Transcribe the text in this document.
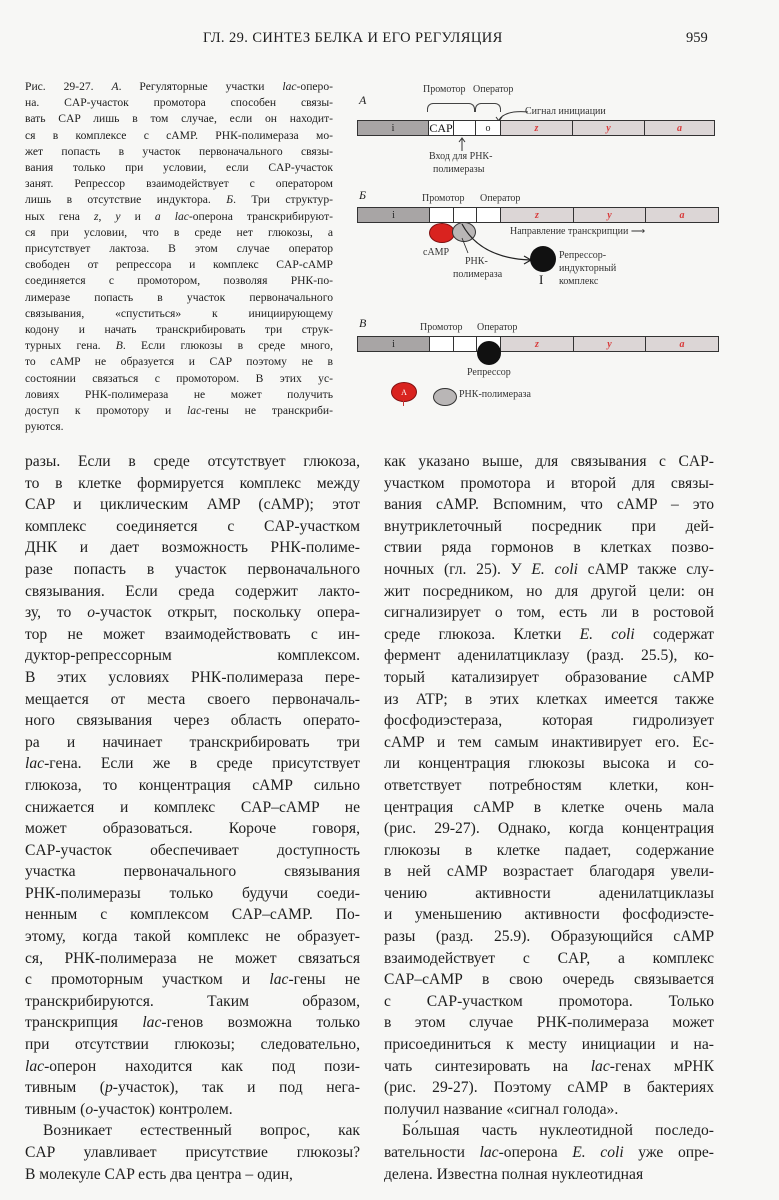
ГЛ. 29. СИНТЕЗ БЕЛКА И ЕГО РЕГУЛЯЦИЯ	959
Рис. 29-27. А. Регуляторные участки lac-оперо-
на. CAP-участок промотора способен связы-
вать CAP лишь в том случае, если он находит-
ся в комплексе с cAMP. РНК-полимераза мо-
жет попасть в участок первоначального связы-
вания только при условии, если CAP-участок
занят. Репрессор взаимодействует с оператором
лишь в отсутствие индуктора. Б. Три структур-
ных гена z, y и a lac-оперона транскрибируют-
ся при условии, что в среде нет глюкозы, а
присутствует лактоза. В этом случае оператор
свободен от репрессора и комплекс CAP-cAMP
соединяется с промотором, позволяя РНК-по-
лимеразе попасть в участок первоначального
связывания, «спуститься» к инициирующему
кодону и начать транскрибировать три струк-
турных гена. В. Если глюкозы в среде много,
то cAMP не образуется и CAP поэтому не в
состоянии связаться с промотором. В этих ус-
ловиях РНК-полимераза не может получить
доступ к промотору и lac-гены не транскриби-
руются.
А
Промотор Оператор
Сигнал инициации
i	CAP	o	z	y	a
Вход для РНК-
полимеразы
Б	Промотор Оператор
i	z	y	a
Направление транскрипции ⟶
cAMP
РНК-
полимераза	I
Репрессор-
индукторный
комплекс
В	Промотор Оператор
i	z	y	a
Репрессор
A	РНК-полимераза
разы. Если в среде отсутствует глюкоза,
то в клетке формируется комплекс между
CAP и циклическим AMP (cAMP); этот
комплекс соединяется с CAP-участком
ДНК и дает возможность РНК-полиме-
разе попасть в участок первоначального
связывания. Если среда содержит лакто-
зу, то o-участок открыт, поскольку опера-
тор не может взаимодействовать с ин-
дуктор-репрессорным комплексом.
В этих условиях РНК-полимераза пере-
мещается от места своего первоначаль-
ного связывания через область операто-
ра и начинает транскрибировать три
lac-гена. Если же в среде присутствует
глюкоза, то концентрация cAMP сильно
снижается и комплекс CAP–cAMP не
может образоваться. Короче говоря,
CAP-участок обеспечивает доступность
участка первоначального связывания
РНК-полимеразы только будучи соеди-
ненным с комплексом CAP–cAMP. По-
этому, когда такой комплекс не образует-
ся, РНК-полимераза не может связаться
с промоторным участком и lac-гены не
транскрибируются. Таким образом,
транскрипция lac-генов возможна только
при отсутствии глюкозы; следовательно,
lac-оперон находится как под пози-
тивным (p-участок), так и под нега-
тивным (o-участок) контролем.
Возникает естественный вопрос, как
CAP улавливает присутствие глюкозы?
В молекуле CAP есть два центра – один,
как указано выше, для связывания с CAP-
участком промотора и второй для связы-
вания cAMP. Вспомним, что cAMP – это
внутриклеточный посредник при дей-
ствии ряда гормонов в клетках позво-
ночных (гл. 25). У E. coli cAMP также слу-
жит посредником, но для другой цели: он
сигнализирует о том, есть ли в ростовой
среде глюкоза. Клетки E. coli содержат
фермент аденилатциклазу (разд. 25.5), ко-
торый катализирует образование cAMP
из ATP; в этих клетках имеется также
фосфодиэстераза, которая гидролизует
cAMP и тем самым инактивирует его. Ес-
ли концентрация глюкозы высока и со-
ответствует потребностям клетки, кон-
центрация cAMP в клетке очень мала
(рис. 29-27). Однако, когда концентрация
глюкозы в клетке падает, содержание
в ней cAMP возрастает благодаря увели-
чению активности аденилатциклазы
и уменьшению активности фосфодиэсте-
разы (разд. 25.9). Образующийся cAMP
взаимодействует с CAP, а комплекс
CAP–cAMP в свою очередь связывается
с CAP-участком промотора. Только
в этом случае РНК-полимераза может
присоединиться к месту инициации и на-
чать синтезировать на lac-генах мРНК
(рис. 29-27). Поэтому cAMP в бактериях
получил название «сигнал голода».
Бо́льшая часть нуклеотидной последо-
вательности lac-оперона E. coli уже опре-
делена. Известна полная нуклеотидная
